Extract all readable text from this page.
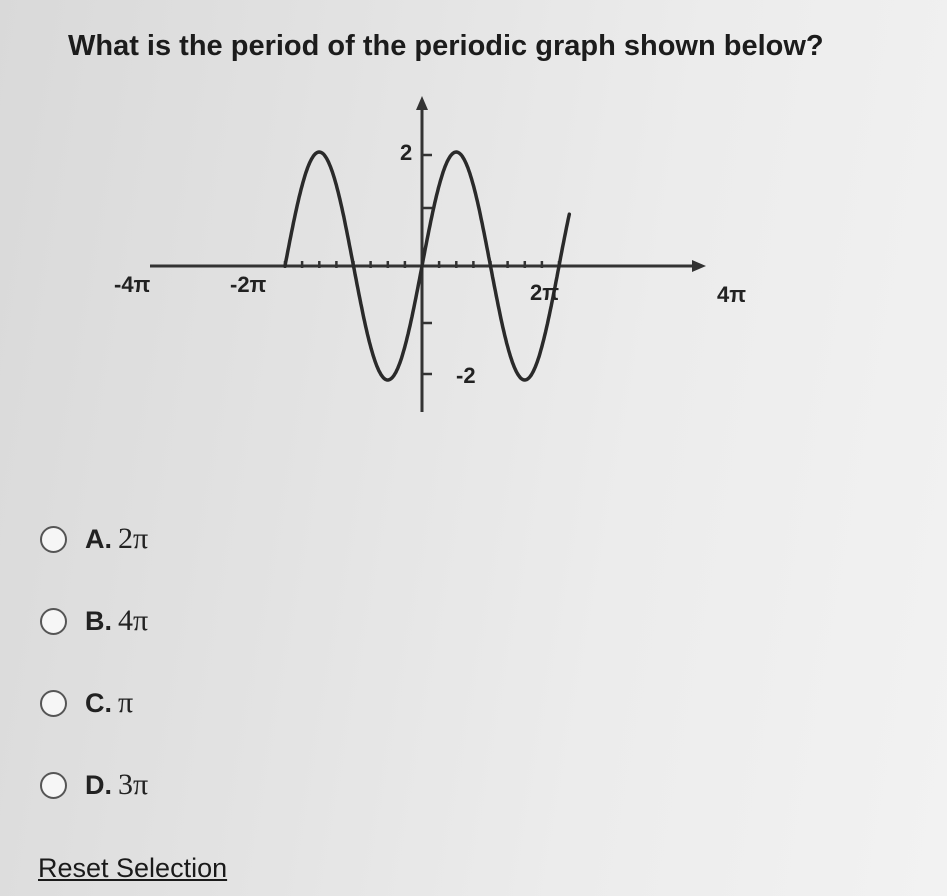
What is the period of the periodic graph shown below?
2
-2
-4π	-2π	2π	4π
A. 2π
B. 4π
C. π
D. 3π
Reset Selection
